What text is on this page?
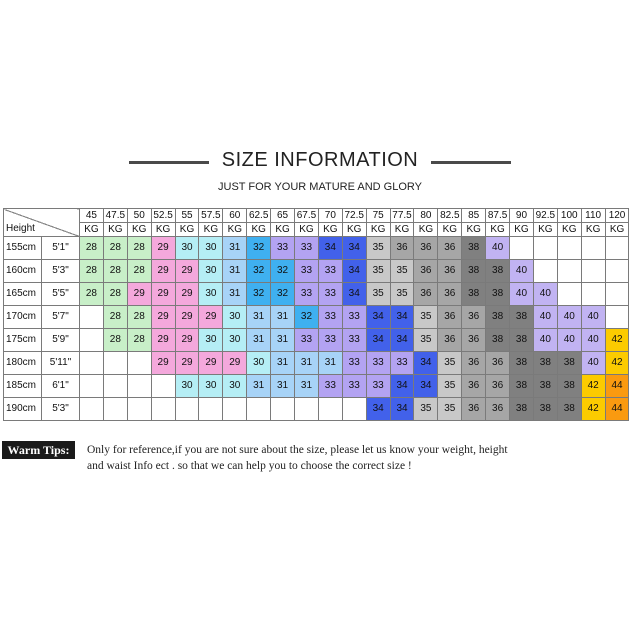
SIZE INFORMATION
JUST FOR YOUR MATURE AND GLORY
Height		45	47.5	50	52.5	55	57.5	60	62.5	65	67.5	70	72.5	75	77.5	80	82.5	85	87.5	90	92.5	100	110	120
		KG	KG	KG	KG	KG	KG	KG	KG	KG	KG	KG	KG	KG	KG	KG	KG	KG	KG	KG	KG	KG	KG	KG
155cm	5'1"	28	28	28	29	30	30	31	32	33	33	34	34	35	36	36	36	38	40					
160cm	5'3"	28	28	28	29	29	30	31	32	32	33	33	34	35	35	36	36	38	38	40				
165cm	5'5"	28	28	29	29	29	30	31	32	32	33	33	34	35	35	36	36	38	38	40	40			
170cm	5'7"		28	28	29	29	29	30	31	31	32	33	33	34	34	35	36	36	38	38	40	40	40	
175cm	5'9"		28	28	29	29	30	30	31	31	33	33	33	34	34	35	36	36	38	38	40	40	40	42
180cm	5'11"				29	29	29	29	30	31	31	31	33	33	33	34	35	36	36	38	38	38	40	42
185cm	6'1"					30	30	30	31	31	31	33	33	33	34	34	35	36	36	38	38	38	42	44
190cm	5'3"													34	34	35	35	36	36	38	38	38	42	44
Warm Tips:	Only for reference,if you are not sure about the size, please let us know your weight, height and waist Info ect . so that we can help you to choose the correct size !
